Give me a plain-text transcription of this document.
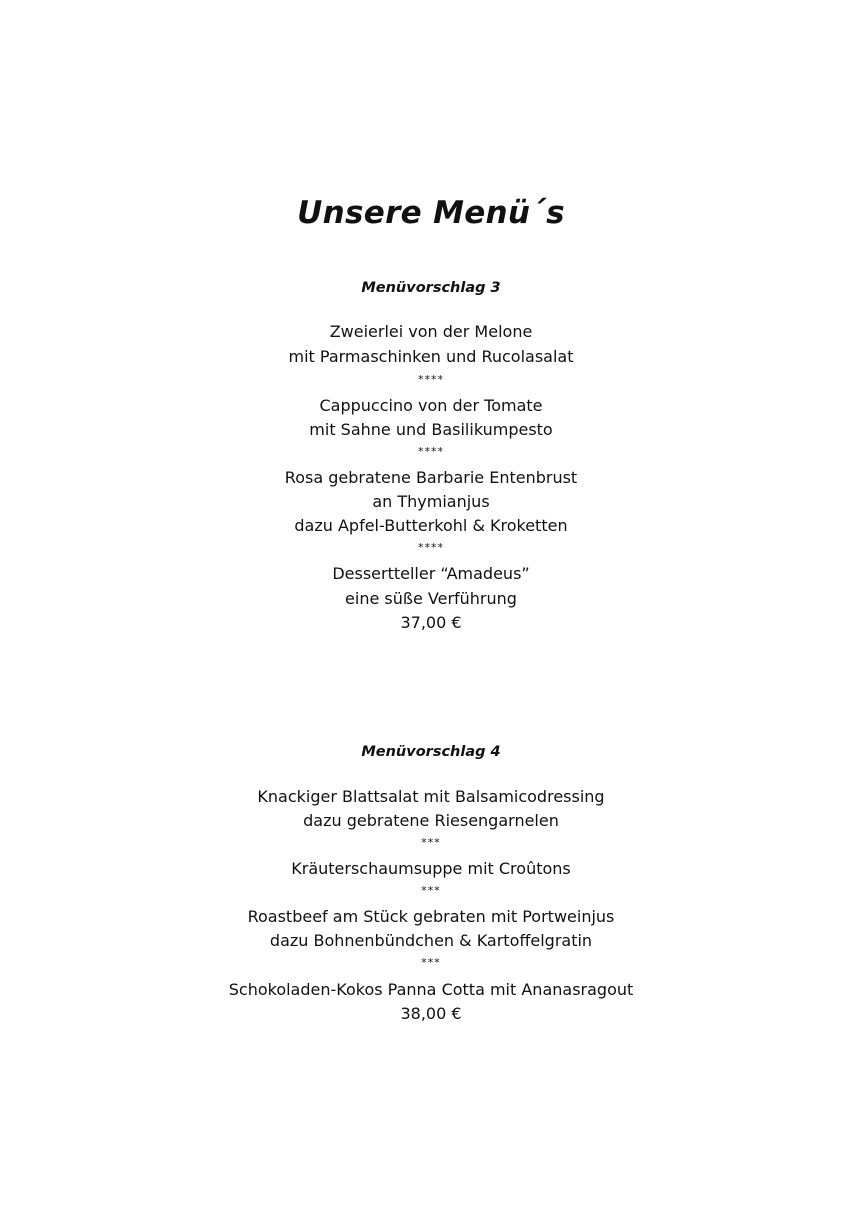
Unsere Menü´s
Menüvorschlag 3
Zweierlei von der Melone
mit Parmaschinken und Rucolasalat
****
Cappuccino von der Tomate
mit Sahne und Basilikumpesto
****
Rosa gebratene Barbarie Entenbrust
an Thymianjus
dazu Apfel-Butterkohl & Kroketten
****
Dessertteller “Amadeus”
eine süße Verführung
37,00 €
Menüvorschlag 4
Knackiger Blattsalat mit Balsamicodressing
dazu gebratene Riesengarnelen
***
Kräuterschaumsuppe mit Croûtons
***
Roastbeef am Stück gebraten mit Portweinjus
dazu Bohnenbündchen & Kartoffelgratin
***
Schokoladen-Kokos Panna Cotta mit Ananasragout
38,00 €
